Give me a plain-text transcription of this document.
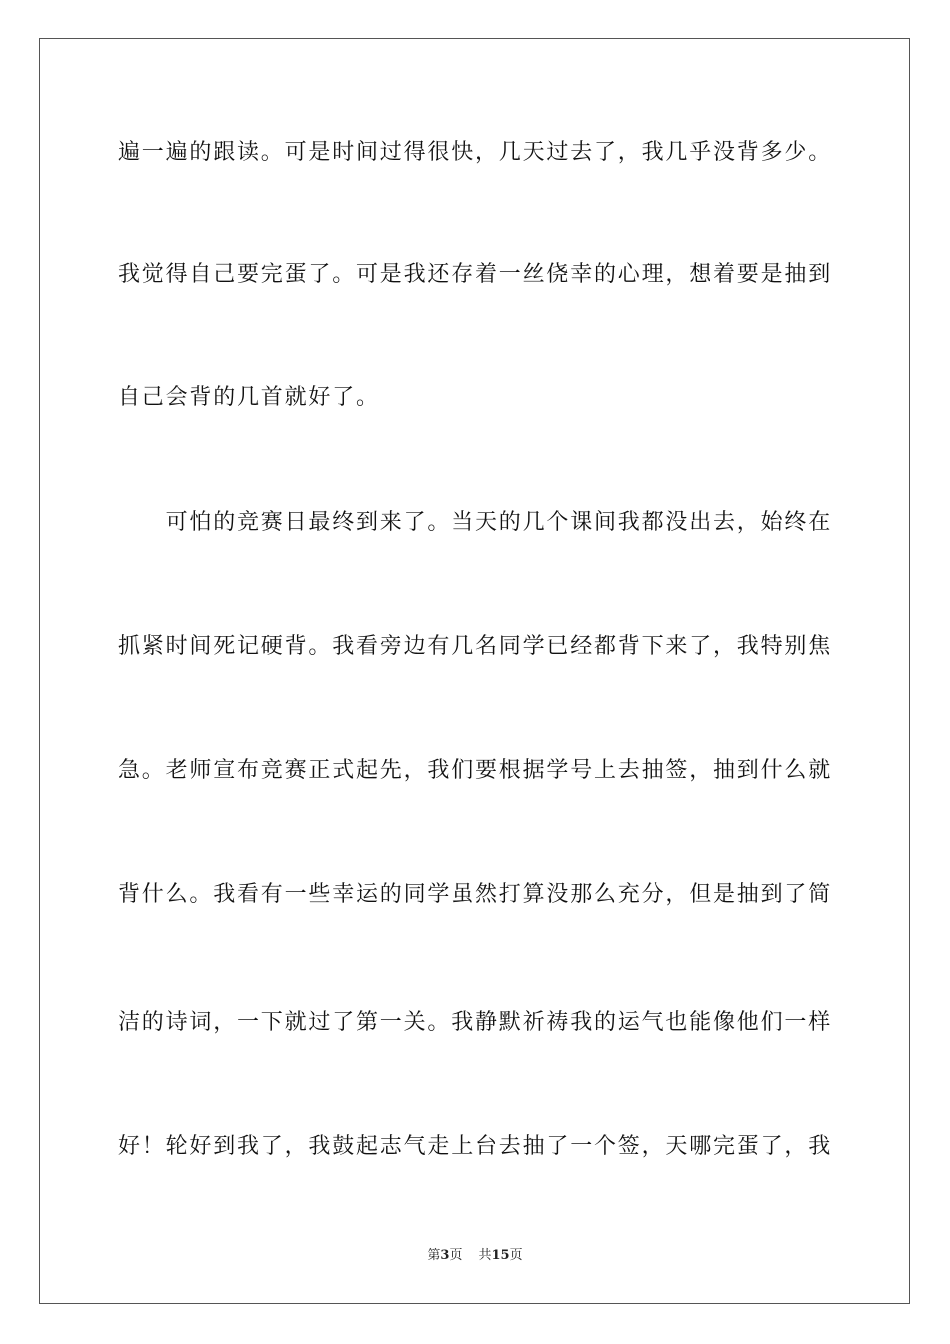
遍一遍的跟读。可是时间过得很快，几天过去了，我几乎没背多少。
我觉得自己要完蛋了。可是我还存着一丝侥幸的心理，想着要是抽到
自己会背的几首就好了。
　　可怕的竞赛日最终到来了。当天的几个课间我都没出去，始终在
抓紧时间死记硬背。我看旁边有几名同学已经都背下来了，我特别焦
急。老师宣布竞赛正式起先，我们要根据学号上去抽签，抽到什么就
背什么。我看有一些幸运的同学虽然打算没那么充分，但是抽到了简
洁的诗词，一下就过了第一关。我静默祈祷我的运气也能像他们一样
好！轮好到我了，我鼓起志气走上台去抽了一个签，天哪完蛋了，我
第3页 共15页
